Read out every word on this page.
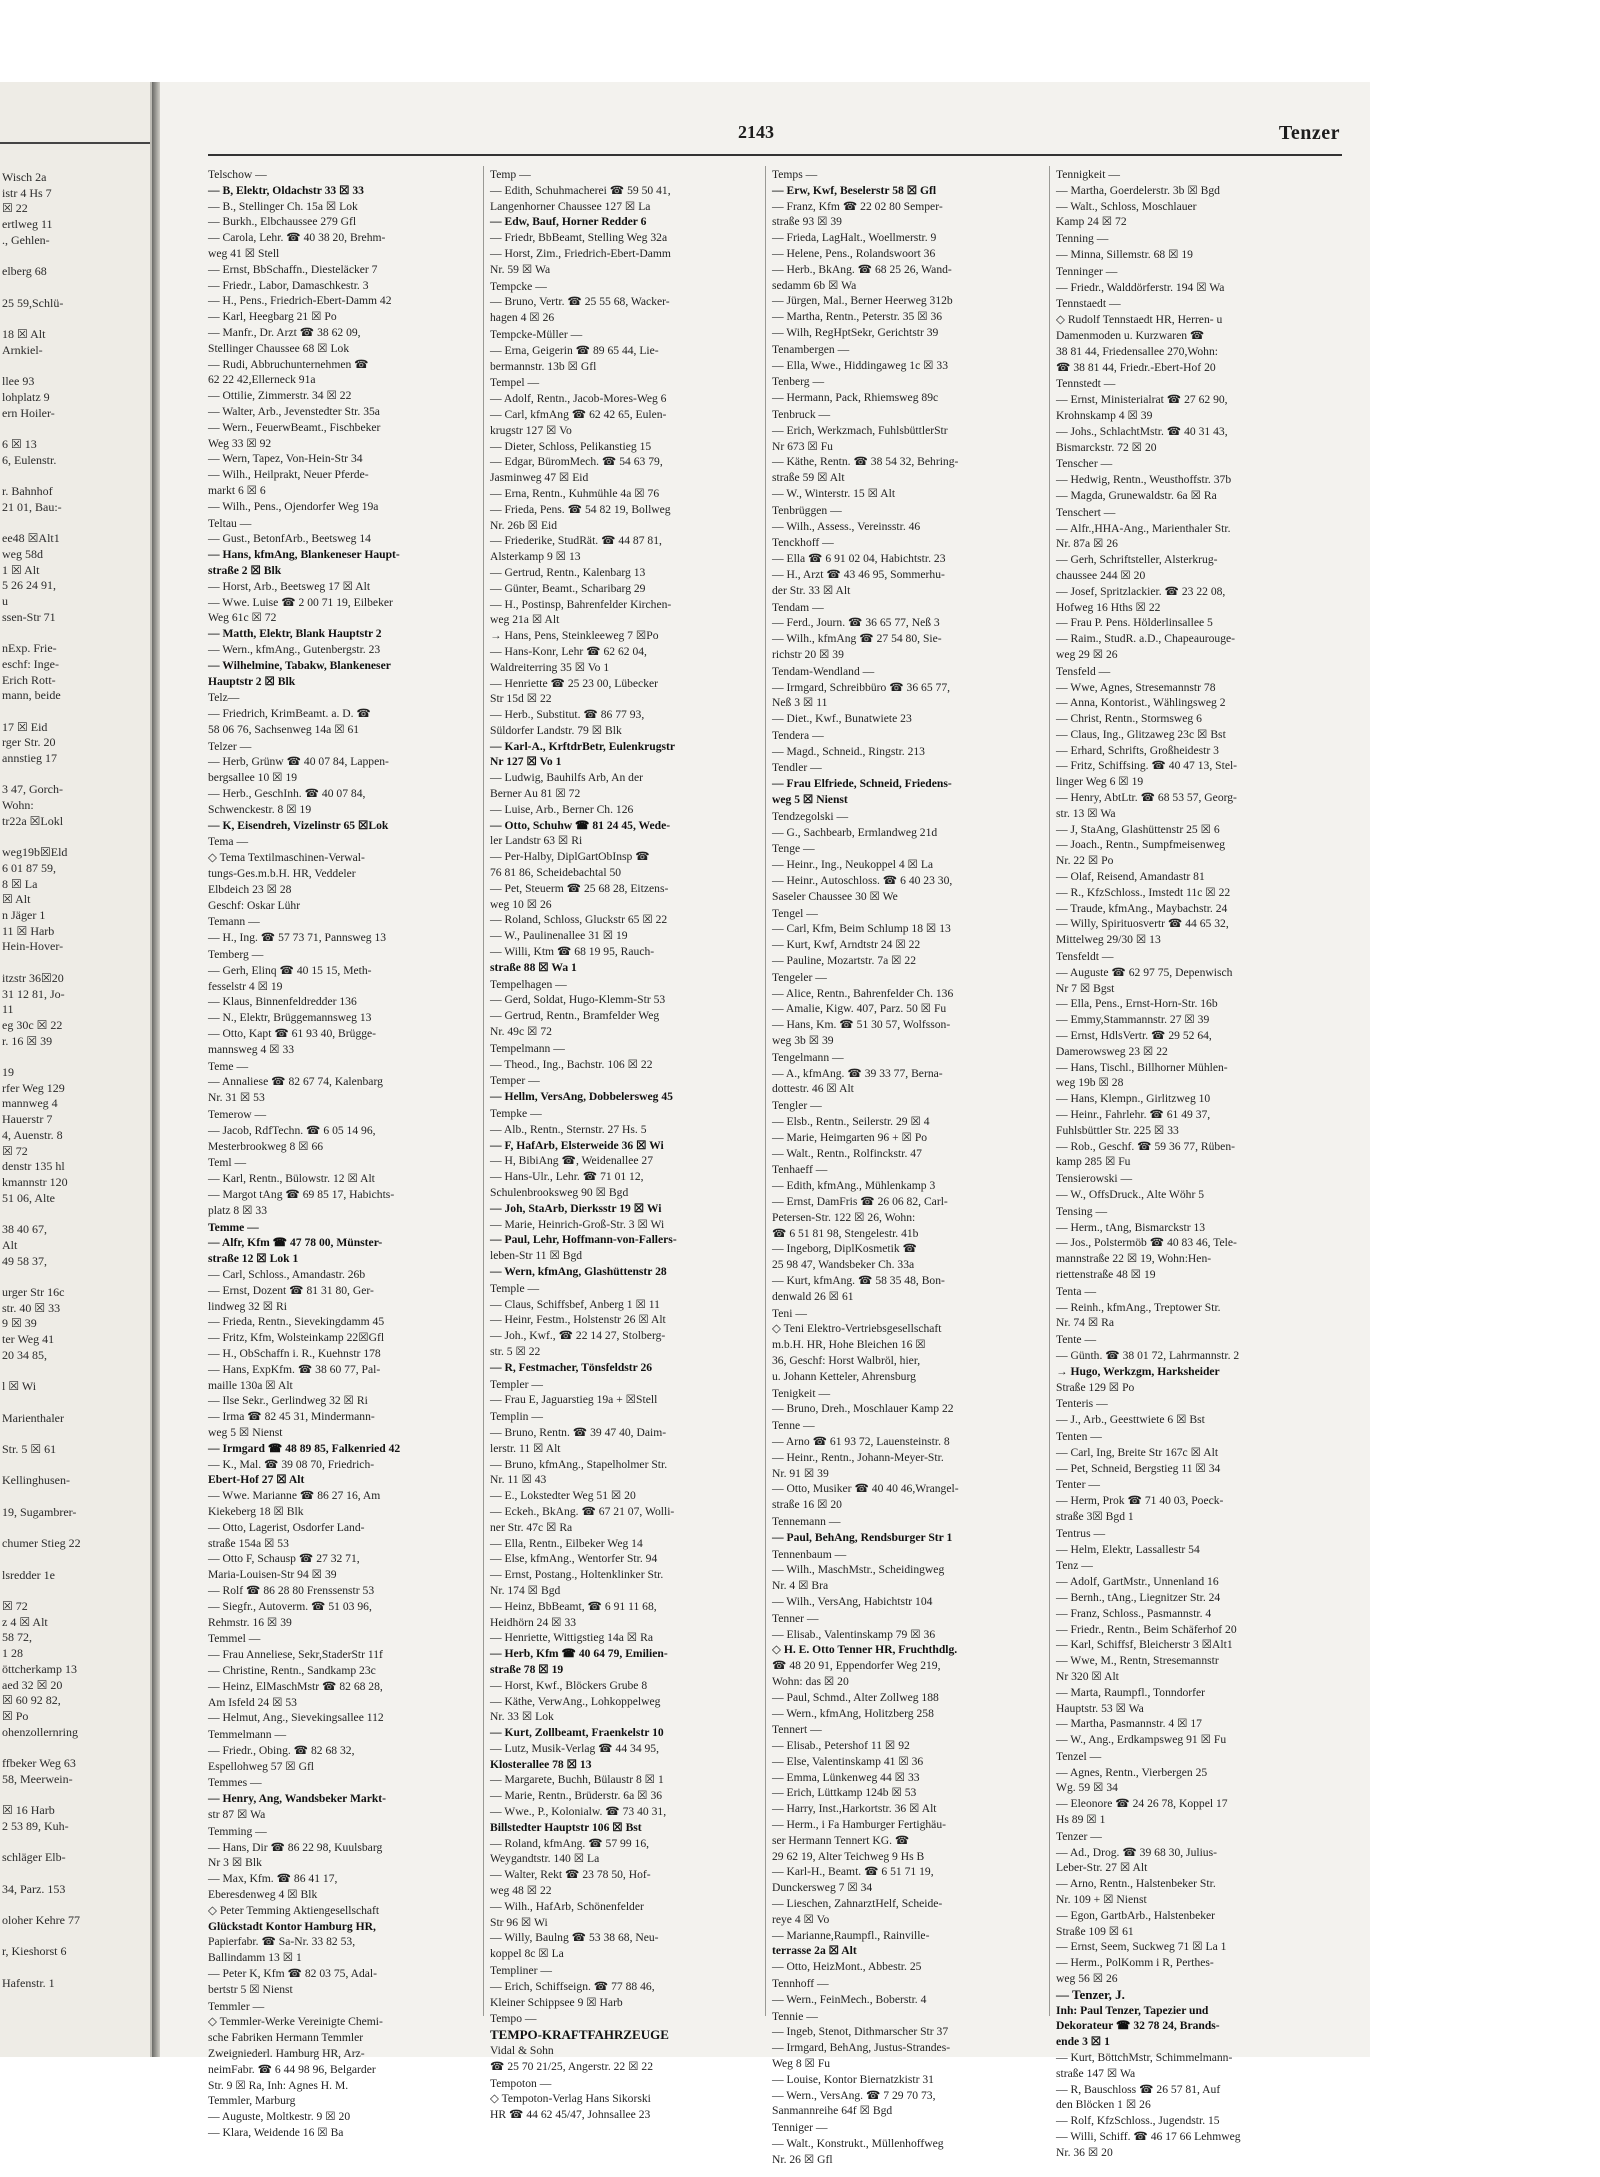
Wisch 2a
istr 4 Hs 7
☒ 22
ertlweg 11
., Gehlen-

elberg 68

25 59,Schlü-

18 ☒ Alt
Arnkiel-

llee 93
lohplatz 9
ern Hoiler-

6 ☒ 13
6, Eulenstr.

r. Bahnhof
21 01, Bau:-

ee48 ☒Alt1
weg 58d
1 ☒ Alt
5 26 24 91,
u
ssen-Str 71

nExp. Frie-
eschf: Inge-
Erich Rott-
mann, beide

17 ☒ Eid
rger Str. 20
annstieg 17

3 47, Gorch-
Wohn:
tr22a ☒Lokl

weg19b☒Eld
6 01 87 59,
8 ☒ La
☒ Alt
n Jäger 1
11 ☒ Harb
Hein-Hover-

itzstr 36☒20
31 12 81, Jo-
11
eg 30c ☒ 22
r. 16 ☒ 39

19
rfer Weg 129
mannweg 4
Hauerstr 7
4, Auenstr. 8
☒ 72
denstr 135 hl
kmannstr 120
51 06, Alte

38 40 67,
Alt
49 58 37,

urger Str 16c
str. 40 ☒ 33
9 ☒ 39
ter Weg 41
20 34 85,

l ☒ Wi

Marienthaler

Str. 5 ☒ 61

Kellinghusen-

19, Sugambrer-

chumer Stieg 22

lsredder 1e

☒ 72
z 4 ☒ Alt
58 72,
1 28
öttcherkamp 13
aed 32 ☒ 20
☒ 60 92 82,
☒ Po
ohenzollernring

ffbeker Weg 63
58, Meerwein-

☒ 16 Harb
2 53 89, Kuh-

schläger Elb-

34, Parz. 153

oloher Kehre 77

r, Kieshorst 6

Hafenstr. 1
2143	Tenzer
Telschow —
— B, Elektr, Oldachstr 33 ☒ 33
— B., Stellinger Ch. 15a ☒ Lok
— Burkh., Elbchaussee 279 Gfl
— Carola, Lehr. ☎ 40 38 20, Brehm-
weg 41 ☒ Stell
— Ernst, BbSchaffn., Diesteläcker 7
— Friedr., Labor, Damaschkestr. 3
— H., Pens., Friedrich-Ebert-Damm 42
— Karl, Heegbarg 21 ☒ Po
— Manfr., Dr. Arzt ☎ 38 62 09,
Stellinger Chaussee 68 ☒ Lok
— Rudi, Abbruchunternehmen ☎
62 22 42,Ellerneck 91a
— Ottilie, Zimmerstr. 34 ☒ 22
— Walter, Arb., Jevenstedter Str. 35a
— Wern., FeuerwBeamt., Fischbeker
Weg 33 ☒ 92
— Wern, Tapez, Von-Hein-Str 34
— Wilh., Heilprakt, Neuer Pferde-
markt 6 ☒ 6
— Wilh., Pens., Ojendorfer Weg 19a
Teltau —
— Gust., BetonfArb., Beetsweg 14
— Hans, kfmAng, Blankeneser Haupt-
straße 2 ☒ Blk
— Horst, Arb., Beetsweg 17 ☒ Alt
— Wwe. Luise ☎ 2 00 71 19, Eilbeker
Weg 61c ☒ 72
— Matth, Elektr, Blank Hauptstr 2
— Wern., kfmAng., Gutenbergstr. 23
— Wilhelmine, Tabakw, Blankeneser
Hauptstr 2 ☒ Blk
Telz—
— Friedrich, KrimBeamt. a. D. ☎
58 06 76, Sachsenweg 14a ☒ 61
Telzer —
— Herb, Grünw ☎ 40 07 84, Lappen-
bergsallee 10 ☒ 19
— Herb., GeschInh. ☎ 40 07 84,
Schwenckestr. 8 ☒ 19
— K, Eisendreh, Vizelinstr 65 ☒Lok
Tema —
◇ Tema Textilmaschinen-Verwal-
tungs-Ges.m.b.H. HR, Veddeler
Elbdeich 23 ☒ 28
Geschf: Oskar Lühr
Temann —
— H., Ing. ☎ 57 73 71, Pannsweg 13
Temberg —
— Gerh, Elinq ☎ 40 15 15, Meth-
fesselstr 4 ☒ 19
— Klaus, Binnenfeldredder 136
— N., Elektr, Brüggemannsweg 13
— Otto, Kapt ☎ 61 93 40, Brügge-
mannsweg 4 ☒ 33
Teme —
— Annaliese ☎ 82 67 74, Kalenbarg
Nr. 31 ☒ 53
Temerow —
— Jacob, RdfTechn. ☎ 6 05 14 96,
Mesterbrookweg 8 ☒ 66
Teml —
— Karl, Rentn., Bülowstr. 12 ☒ Alt
— Margot tAng ☎ 69 85 17, Habichts-
platz 8 ☒ 33
Temme —
— Alfr, Kfm ☎ 47 78 00, Münster-
straße 12 ☒ Lok 1
— Carl, Schloss., Amandastr. 26b
— Ernst, Dozent ☎ 81 31 80, Ger-
lindweg 32 ☒ Ri
— Frieda, Rentn., Sievekingdamm 45
— Fritz, Kfm, Wolsteinkamp 22☒Gfl
— H., ObSchaffn i. R., Kuehnstr 178
— Hans, ExpKfm. ☎ 38 60 77, Pal-
maille 130a ☒ Alt
— Ilse Sekr., Gerlindweg 32 ☒ Ri
— Irma ☎ 82 45 31, Mindermann-
weg 5 ☒ Nienst
— Irmgard ☎ 48 89 85, Falkenried 42
— K., Mal. ☎ 39 08 70, Friedrich-
Ebert-Hof 27 ☒ Alt
— Wwe. Marianne ☎ 86 27 16, Am
Kiekeberg 18 ☒ Blk
— Otto, Lagerist, Osdorfer Land-
straße 154a ☒ 53
— Otto F, Schausp ☎ 27 32 71,
Maria-Louisen-Str 94 ☒ 39
— Rolf ☎ 86 28 80 Frenssenstr 53
— Siegfr., Autoverm. ☎ 51 03 96,
Rehmstr. 16 ☒ 39
Temmel —
— Frau Anneliese, Sekr,StaderStr 11f
— Christine, Rentn., Sandkamp 23c
— Heinz, ElMaschMstr ☎ 82 68 28,
Am Isfeld 24 ☒ 53
— Helmut, Ang., Sievekingsallee 112
Temmelmann —
— Friedr., Obing. ☎ 82 68 32,
Espellohweg 57 ☒ Gfl
Temmes —
— Henry, Ang, Wandsbeker Markt-
str 87 ☒ Wa
Temming —
— Hans, Dir ☎ 86 22 98, Kuulsbarg
Nr 3 ☒ Blk
— Max, Kfm. ☎ 86 41 17,
Eberesdenweg 4 ☒ Blk
◇ Peter Temming Aktiengesellschaft
Glückstadt Kontor Hamburg HR,
Papierfabr. ☎ Sa-Nr. 33 82 53,
Ballindamm 13 ☒ 1
— Peter K, Kfm ☎ 82 03 75, Adal-
bertstr 5 ☒ Nienst
Temmler —
◇ Temmler-Werke Vereinigte Chemi-
sche Fabriken Hermann Temmler
Zweigniederl. Hamburg HR, Arz-
neimFabr. ☎ 6 44 98 96, Belgarder
Str. 9 ☒ Ra, Inh: Agnes H. M.
Temmler, Marburg
— Auguste, Moltkestr. 9 ☒ 20
— Klara, Weidende 16 ☒ Ba
Temp —
— Edith, Schuhmacherei ☎ 59 50 41,
Langenhorner Chaussee 127 ☒ La
— Edw, Bauf, Horner Redder 6
— Friedr, BbBeamt, Stelling Weg 32a
— Horst, Zim., Friedrich-Ebert-Damm
Nr. 59 ☒ Wa
Tempcke —
— Bruno, Vertr. ☎ 25 55 68, Wacker-
hagen 4 ☒ 26
Tempcke-Müller —
— Erna, Geigerin ☎ 89 65 44, Lie-
bermannstr. 13b ☒ Gfl
Tempel —
— Adolf, Rentn., Jacob-Mores-Weg 6
— Carl, kfmAng ☎ 62 42 65, Eulen-
krugstr 127 ☒ Vo
— Dieter, Schloss, Pelikanstieg 15
— Edgar, BüromMech. ☎ 54 63 79,
Jasminweg 47 ☒ Eid
— Erna, Rentn., Kuhmühle 4a ☒ 76
— Frieda, Pens. ☎ 54 82 19, Bollweg
Nr. 26b ☒ Eid
— Friederike, StudRät. ☎ 44 87 81,
Alsterkamp 9 ☒ 13
— Gertrud, Rentn., Kalenbarg 13
— Günter, Beamt., Scharibarg 29
— H., Postinsp, Bahrenfelder Kirchen-
weg 21a ☒ Alt
→ Hans, Pens, Steinkleeweg 7 ☒Po
— Hans-Konr, Lehr ☎ 62 62 04,
Waldreiterring 35 ☒ Vo 1
— Henriette ☎ 25 23 00, Lübecker
Str 15d ☒ 22
— Herb., Substitut. ☎ 86 77 93,
Süldorfer Landstr. 79 ☒ Blk
— Karl-A., KrftdrBetr, Eulenkrugstr
Nr 127 ☒ Vo 1
— Ludwig, Bauhilfs Arb, An der
Berner Au 81 ☒ 72
— Luise, Arb., Berner Ch. 126
— Otto, Schuhw ☎ 81 24 45, Wede-
ler Landstr 63 ☒ Ri
— Per-Halby, DiplGartObInsp ☎
76 81 86, Scheidebachtal 50
— Pet, Steuerm ☎ 25 68 28, Eitzens-
weg 10 ☒ 26
— Roland, Schloss, Gluckstr 65 ☒ 22
— W., Paulinenallee 31 ☒ 19
— Willi, Ktm ☎ 68 19 95, Rauch-
straße 88 ☒ Wa 1
Tempelhagen —
— Gerd, Soldat, Hugo-Klemm-Str 53
— Gertrud, Rentn., Bramfelder Weg
Nr. 49c ☒ 72
Tempelmann —
— Theod., Ing., Bachstr. 106 ☒ 22
Temper —
— Hellm, VersAng, Dobbelersweg 45
Tempke —
— Alb., Rentn., Sternstr. 27 Hs. 5
— F, HafArb, Elsterweide 36 ☒ Wi
— H, BibiAng ☎, Weidenallee 27
— Hans-Ulr., Lehr. ☎ 71 01 12,
Schulenbrooksweg 90 ☒ Bgd
— Joh, StaArb, Dierksstr 19 ☒ Wi
— Marie, Heinrich-Groß-Str. 3 ☒ Wi
— Paul, Lehr, Hoffmann-von-Fallers-
leben-Str 11 ☒ Bgd
— Wern, kfmAng, Glashüttenstr 28
Temple —
— Claus, Schiffsbef, Anberg 1 ☒ 11
— Heinr, Festm., Holstenstr 26 ☒ Alt
— Joh., Kwf., ☎ 22 14 27, Stolberg-
str. 5 ☒ 22
— R, Festmacher, Tönsfeldstr 26
Templer —
— Frau E, Jaguarstieg 19a + ☒Stell
Templin —
— Bruno, Rentn. ☎ 39 47 40, Daim-
lerstr. 11 ☒ Alt
— Bruno, kfmAng., Stapelholmer Str.
Nr. 11 ☒ 43
— E., Lokstedter Weg 51 ☒ 20
— Eckeh., BkAng. ☎ 67 21 07, Wolli-
ner Str. 47c ☒ Ra
— Ella, Rentn., Eilbeker Weg 14
— Else, kfmAng., Wentorfer Str. 94
— Ernst, Postang., Holtenklinker Str.
Nr. 174 ☒ Bgd
— Heinz, BbBeamt, ☎ 6 91 11 68,
Heidhörn 24 ☒ 33
— Henriette, Wittigstieg 14a ☒ Ra
— Herb, Kfm ☎ 40 64 79, Emilien-
straße 78 ☒ 19
— Horst, Kwf., Blöckers Grube 8
— Käthe, VerwAng., Lohkoppelweg
Nr. 33 ☒ Lok
— Kurt, Zollbeamt, Fraenkelstr 10
— Lutz, Musik-Verlag ☎ 44 34 95,
Klosterallee 78 ☒ 13
— Margarete, Buchh, Bülaustr 8 ☒ 1
— Marie, Rentn., Brüderstr. 6a ☒ 36
— Wwe., P., Kolonialw. ☎ 73 40 31,
Billstedter Hauptstr 106 ☒ Bst
— Roland, kfmAng. ☎ 57 99 16,
Weygandtstr. 140 ☒ La
— Walter, Rekt ☎ 23 78 50, Hof-
weg 48 ☒ 22
— Wilh., HafArb, Schönenfelder
Str 96 ☒ Wi
— Willy, Baulng ☎ 53 38 68, Neu-
koppel 8c ☒ La
Templiner —
— Erich, Schiffseign. ☎ 77 88 46,
Kleiner Schippsee 9 ☒ Harb
Tempo —
TEMPO-KRAFTFAHRZEUGE
Vidal & Sohn
☎ 25 70 21/25, Angerstr. 22 ☒ 22
Tempoton —
◇ Tempoton-Verlag Hans Sikorski
HR ☎ 44 62 45/47, Johnsallee 23
Temps —
— Erw, Kwf, Beselerstr 58 ☒ Gfl
— Franz, Kfm ☎ 22 02 80 Semper-
straße 93 ☒ 39
— Frieda, LagHalt., Woellmerstr. 9
— Helene, Pens., Rolandswoort 36
— Herb., BkAng. ☎ 68 25 26, Wand-
sedamm 6b ☒ Wa
— Jürgen, Mal., Berner Heerweg 312b
— Martha, Rentn., Peterstr. 35 ☒ 36
— Wilh, RegHptSekr, Gerichtstr 39
Tenambergen —
— Ella, Wwe., Hiddingaweg 1c ☒ 33
Tenberg —
— Hermann, Pack, Rhiemsweg 89c
Tenbruck —
— Erich, Werkzmach, FuhlsbüttlerStr
Nr 673 ☒ Fu
— Käthe, Rentn. ☎ 38 54 32, Behring-
straße 59 ☒ Alt
— W., Winterstr. 15 ☒ Alt
Tenbrüggen —
— Wilh., Assess., Vereinsstr. 46
Tenckhoff —
— Ella ☎ 6 91 02 04, Habichtstr. 23
— H., Arzt ☎ 43 46 95, Sommerhu-
der Str. 33 ☒ Alt
Tendam —
— Ferd., Journ. ☎ 36 65 77, Neß 3
— Wilh., kfmAng ☎ 27 54 80, Sie-
richstr 20 ☒ 39
Tendam-Wendland —
— Irmgard, Schreibbüro ☎ 36 65 77,
Neß 3 ☒ 11
— Diet., Kwf., Bunatwiete 23
Tendera —
— Magd., Schneid., Ringstr. 213
Tendler —
— Frau Elfriede, Schneid, Friedens-
weg 5 ☒ Nienst
Tendzegolski —
— G., Sachbearb, Ermlandweg 21d
Tenge —
— Heinr., Ing., Neukoppel 4 ☒ La
— Heinr., Autoschloss. ☎ 6 40 23 30,
Saseler Chaussee 30 ☒ We
Tengel —
— Carl, Kfm, Beim Schlump 18 ☒ 13
— Kurt, Kwf, Arndtstr 24 ☒ 22
— Pauline, Mozartstr. 7a ☒ 22
Tengeler —
— Alice, Rentn., Bahrenfelder Ch. 136
— Amalie, Kigw. 407, Parz. 50 ☒ Fu
— Hans, Km. ☎ 51 30 57, Wolfsson-
weg 3b ☒ 39
Tengelmann —
— A., kfmAng. ☎ 39 33 77, Berna-
dottestr. 46 ☒ Alt
Tengler —
— Elsb., Rentn., Seilerstr. 29 ☒ 4
— Marie, Heimgarten 96 + ☒ Po
— Walt., Rentn., Rolfinckstr. 47
Tenhaeff —
— Edith, kfmAng., Mühlenkamp 3
— Ernst, DamFris ☎ 26 06 82, Carl-
Petersen-Str. 122 ☒ 26, Wohn:
☎ 6 51 81 98, Stengelestr. 41b
— Ingeborg, DiplKosmetik ☎
25 98 47, Wandsbeker Ch. 33a
— Kurt, kfmAng. ☎ 58 35 48, Bon-
denwald 26 ☒ 61
Teni —
◇ Teni Elektro-Vertriebsgesellschaft
m.b.H. HR, Hohe Bleichen 16 ☒
36, Geschf: Horst Walbröl, hier,
u. Johann Ketteler, Ahrensburg
Tenigkeit —
— Bruno, Dreh., Moschlauer Kamp 22
Tenne —
— Arno ☎ 61 93 72, Lauensteinstr. 8
— Heinr., Rentn., Johann-Meyer-Str.
Nr. 91 ☒ 39
— Otto, Musiker ☎ 40 40 46,Wrangel-
straße 16 ☒ 20
Tennemann —
— Paul, BehAng, Rendsburger Str 1
Tennenbaum —
— Wilh., MaschMstr., Scheidingweg
Nr. 4 ☒ Bra
— Wilh., VersAng, Habichtstr 104
Tenner —
— Elisab., Valentinskamp 79 ☒ 36
◇ H. E. Otto Tenner HR, Fruchthdlg.
☎ 48 20 91, Eppendorfer Weg 219,
Wohn: das ☒ 20
— Paul, Schmd., Alter Zollweg 188
— Wern., kfmAng, Holitzberg 258
Tennert —
— Elisab., Petershof 11 ☒ 92
— Else, Valentinskamp 41 ☒ 36
— Emma, Lünkenweg 44 ☒ 33
— Erich, Lüttkamp 124b ☒ 53
— Harry, Inst.,Harkortstr. 36 ☒ Alt
— Herm., i Fa Hamburger Fertighäu-
ser Hermann Tennert KG. ☎
29 62 19, Alter Teichweg 9 Hs B
— Karl-H., Beamt. ☎ 6 51 71 19,
Dunckersweg 7 ☒ 34
— Lieschen, ZahnarztHelf, Scheide-
reye 4 ☒ Vo
— Marianne,Raumpfl., Rainville-
terrasse 2a ☒ Alt
— Otto, HeizMont., Abbestr. 25
Tennhoff —
— Wern., FeinMech., Boberstr. 4
Tennie —
— Ingeb, Stenot, Dithmarscher Str 37
— Irmgard, BehAng, Justus-Strandes-
Weg 8 ☒ Fu
— Louise, Kontor Biernatzkistr 31
— Wern., VersAng. ☎ 7 29 70 73,
Sanmannreihe 64f ☒ Bgd
Tenniger —
— Walt., Konstrukt., Müllenhoffweg
Nr. 26 ☒ Gfl
Tennigkeit —
— Martha, Goerdelerstr. 3b ☒ Bgd
— Walt., Schloss, Moschlauer
Kamp 24 ☒ 72
Tenning —
— Minna, Sillemstr. 68 ☒ 19
Tenninger —
— Friedr., Walddörferstr. 194 ☒ Wa
Tennstaedt —
◇ Rudolf Tennstaedt HR, Herren- u
Damenmoden u. Kurzwaren ☎
38 81 44, Friedensallee 270,Wohn:
☎ 38 81 44, Friedr.-Ebert-Hof 20
Tennstedt —
— Ernst, Ministerialrat ☎ 27 62 90,
Krohnskamp 4 ☒ 39
— Johs., SchlachtMstr. ☎ 40 31 43,
Bismarckstr. 72 ☒ 20
Tenscher —
— Hedwig, Rentn., Weusthoffstr. 37b
— Magda, Grunewaldstr. 6a ☒ Ra
Tenschert —
— Alfr.,HHA-Ang., Marienthaler Str.
Nr. 87a ☒ 26
— Gerh, Schriftsteller, Alsterkrug-
chaussee 244 ☒ 20
— Josef, Spritzlackier. ☎ 23 22 08,
Hofweg 16 Hths ☒ 22
— Frau P. Pens. Hölderlinsallee 5
— Raim., StudR. a.D., Chapeaurouge-
weg 29 ☒ 26
Tensfeld —
— Wwe, Agnes, Stresemannstr 78
— Anna, Kontorist., Wählingsweg 2
— Christ, Rentn., Stormsweg 6
— Claus, Ing., Glitzaweg 23c ☒ Bst
— Erhard, Schrifts, Großheidestr 3
— Fritz, Schiffsing. ☎ 40 47 13, Stel-
linger Weg 6 ☒ 19
— Henry, AbtLtr. ☎ 68 53 57, Georg-
str. 13 ☒ Wa
— J, StaAng, Glashüttenstr 25 ☒ 6
— Joach., Rentn., Sumpfmeisenweg
Nr. 22 ☒ Po
— Olaf, Reisend, Amandastr 81
— R., KfzSchloss., Imstedt 11c ☒ 22
— Traude, kfmAng., Maybachstr. 24
— Willy, Spirituosvertr ☎ 44 65 32,
Mittelweg 29/30 ☒ 13
Tensfeldt —
— Auguste ☎ 62 97 75, Depenwisch
Nr 7 ☒ Bgst
— Ella, Pens., Ernst-Horn-Str. 16b
— Emmy,Stammannstr. 27 ☒ 39
— Ernst, HdlsVertr. ☎ 29 52 64,
Damerowsweg 23 ☒ 22
— Hans, Tischl., Billhorner Mühlen-
weg 19b ☒ 28
— Hans, Klempn., Girlitzweg 10
— Heinr., Fahrlehr. ☎ 61 49 37,
Fuhlsbüttler Str. 225 ☒ 33
— Rob., Geschf. ☎ 59 36 77, Rüben-
kamp 285 ☒ Fu
Tensierowski —
— W., OffsDruck., Alte Wöhr 5
Tensing —
— Herm., tAng, Bismarckstr 13
— Jos., Polstermöb ☎ 40 83 46, Tele-
mannstraße 22 ☒ 19, Wohn:Hen-
riettenstraße 48 ☒ 19
Tenta —
— Reinh., kfmAng., Treptower Str.
Nr. 74 ☒ Ra
Tente —
— Günth. ☎ 38 01 72, Lahrmannstr. 2
→ Hugo, Werkzgm, Harksheider
Straße 129 ☒ Po
Tenteris —
— J., Arb., Geesttwiete 6 ☒ Bst
Tenten —
— Carl, Ing, Breite Str 167c ☒ Alt
— Pet, Schneid, Bergstieg 11 ☒ 34
Tenter —
— Herm, Prok ☎ 71 40 03, Poeck-
straße 3☒ Bgd 1
Tentrus —
— Helm, Elektr, Lassallestr 54
Tenz —
— Adolf, GartMstr., Unnenland 16
— Bernh., tAng., Liegnitzer Str. 24
— Franz, Schloss., Pasmannstr. 4
— Friedr., Rentn., Beim Schäferhof 20
— Karl, Schiffsf, Bleicherstr 3 ☒Alt1
— Wwe, M., Rentn, Stresemannstr
Nr 320 ☒ Alt
— Marta, Raumpfl., Tonndorfer
Hauptstr. 53 ☒ Wa
— Martha, Pasmannstr. 4 ☒ 17
— W., Ang., Erdkampsweg 91 ☒ Fu
Tenzel —
— Agnes, Rentn., Vierbergen 25
Wg. 59 ☒ 34
— Eleonore ☎ 24 26 78, Koppel 17
Hs 89 ☒ 1
Tenzer —
— Ad., Drog. ☎ 39 68 30, Julius-
Leber-Str. 27 ☒ Alt
— Arno, Rentn., Halstenbeker Str.
Nr. 109 + ☒ Nienst
— Egon, GartbArb., Halstenbeker
Straße 109 ☒ 61
— Ernst, Seem, Suckweg 71 ☒ La 1
— Herm., PolKomm i R, Perthes-
weg 56 ☒ 26
— Tenzer, J.
Inh: Paul Tenzer, Tapezier und
Dekorateur ☎ 32 78 24, Brands-
ende 3 ☒ 1
— Kurt, BöttchMstr, Schimmelmann-
straße 147 ☒ Wa
— R, Bauschloss ☎ 26 57 81, Auf
den Blöcken 1 ☒ 26
— Rolf, KfzSchloss., Jugendstr. 15
— Willi, Schiff. ☎ 46 17 66 Lehmweg
Nr. 36 ☒ 20
